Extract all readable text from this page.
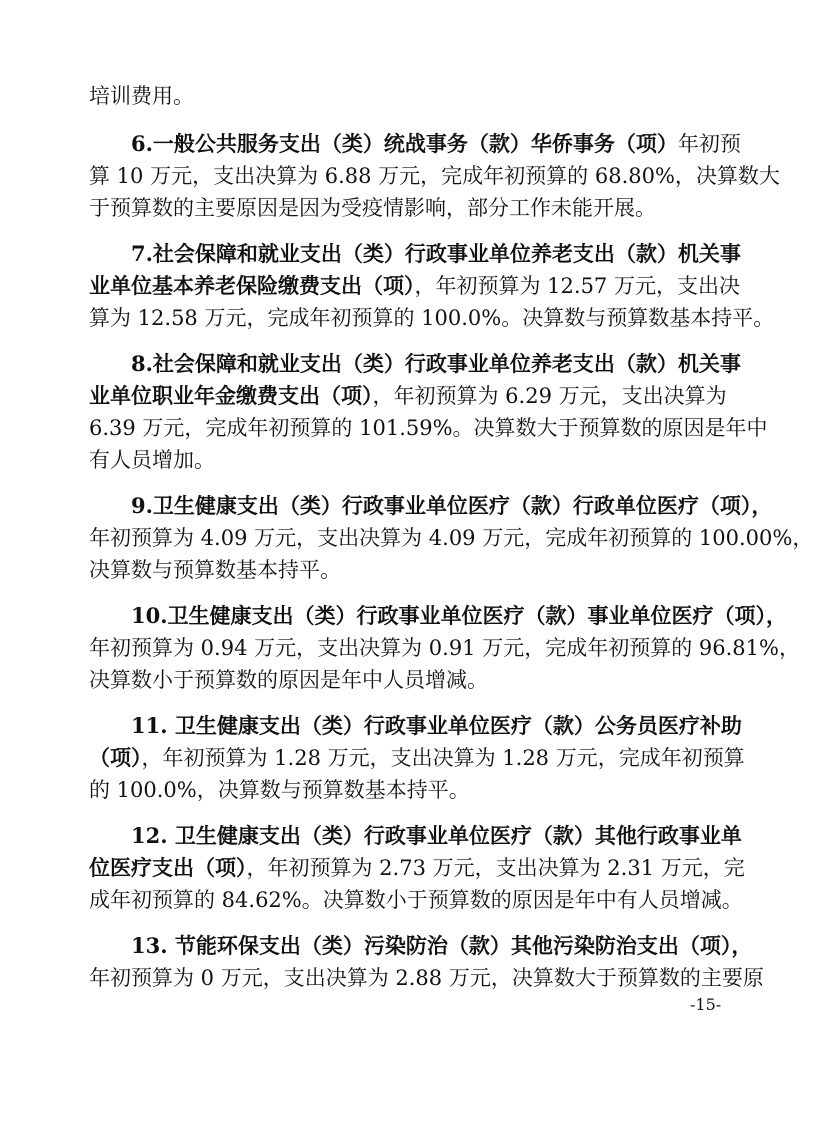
培训费用。
6.一般公共服务支出（类）统战事务（款）华侨事务（项）年初预
算 10 万元，支出决算为 6.88 万元，完成年初预算的 68.80%，决算数大
于预算数的主要原因是因为受疫情影响，部分工作未能开展。
7.社会保障和就业支出（类）行政事业单位养老支出（款）机关事
业单位基本养老保险缴费支出（项），年初预算为 12.57 万元，支出决
算为 12.58 万元，完成年初预算的 100.0%。决算数与预算数基本持平。
8.社会保障和就业支出（类）行政事业单位养老支出（款）机关事
业单位职业年金缴费支出（项），年初预算为 6.29 万元，支出决算为
6.39 万元，完成年初预算的 101.59%。决算数大于预算数的原因是年中
有人员增加。
9.卫生健康支出（类）行政事业单位医疗（款）行政单位医疗（项），
年初预算为 4.09 万元，支出决算为 4.09 万元，完成年初预算的 100.00%，
决算数与预算数基本持平。
10.卫生健康支出（类）行政事业单位医疗（款）事业单位医疗（项），
年初预算为 0.94 万元，支出决算为 0.91 万元，完成年初预算的 96.81%，
决算数小于预算数的原因是年中人员增减。
11. 卫生健康支出（类）行政事业单位医疗（款）公务员医疗补助
（项），年初预算为 1.28 万元，支出决算为 1.28 万元，完成年初预算
的 100.0%，决算数与预算数基本持平。
12. 卫生健康支出（类）行政事业单位医疗（款）其他行政事业单
位医疗支出（项），年初预算为 2.73 万元，支出决算为 2.31 万元，完
成年初预算的 84.62%。决算数小于预算数的原因是年中有人员增减。
13. 节能环保支出（类）污染防治（款）其他污染防治支出（项），
年初预算为 0 万元，支出决算为 2.88 万元，决算数大于预算数的主要原
-15-
